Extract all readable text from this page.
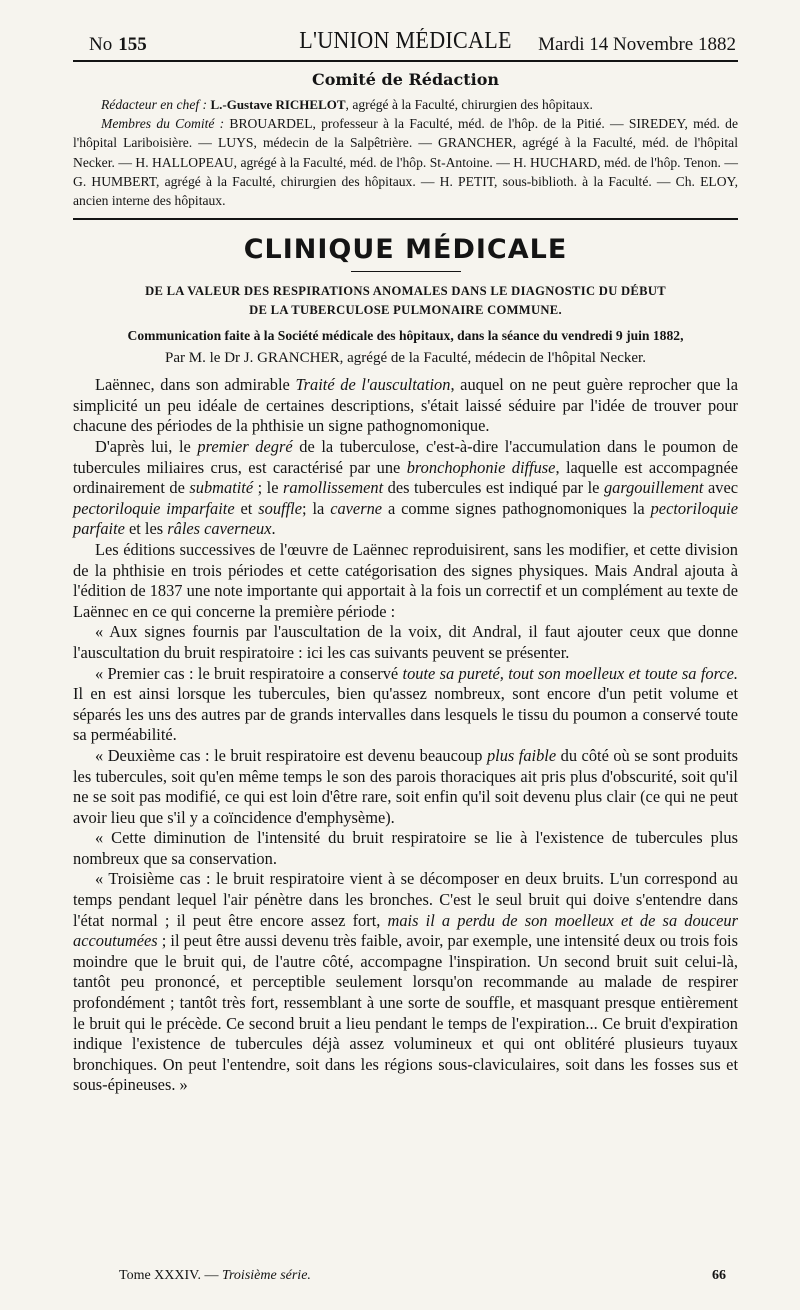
No 155	L'UNION MÉDICALE	Mardi 14 Novembre 1882
Comité de Rédaction

Rédacteur en chef : L.-Gustave RICHELOT, agrégé à la Faculté, chirurgien des hôpitaux.

Membres du Comité : BROUARDEL, professeur à la Faculté, méd. de l'hôp. de la Pitié. — SIREDEY, méd. de l'hôpital Lariboisière. — LUYS, médecin de la Salpêtrière. — GRANCHER, agrégé à la Faculté, méd. de l'hôpital Necker. — H. HALLOPEAU, agrégé à la Faculté, méd. de l'hôp. St-Antoine. — H. HUCHARD, méd. de l'hôp. Tenon. — G. HUMBERT, agrégé à la Faculté, chirurgien des hôpitaux. — H. PETIT, sous-biblioth. à la Faculté. — Ch. ELOY, ancien interne des hôpitaux.

CLINIQUE MÉDICALE

DE LA VALEUR DES RESPIRATIONS ANOMALES DANS LE DIAGNOSTIC DU DÉBUT

DE LA TUBERCULOSE PULMONAIRE COMMUNE.

Communication faite à la Société médicale des hôpitaux, dans la séance du vendredi 9 juin 1882,

Par M. le Dr J. GRANCHER, agrégé de la Faculté, médecin de l'hôpital Necker.

Laënnec, dans son admirable Traité de l'auscultation, auquel on ne peut guère reprocher que la simplicité un peu idéale de certaines descriptions, s'était laissé séduire par l'idée de trouver pour chacune des périodes de la phthisie un signe pathognomonique.

D'après lui, le premier degré de la tuberculose, c'est-à-dire l'accumulation dans le poumon de tubercules miliaires crus, est caractérisé par une bronchophonie diffuse, laquelle est accompagnée ordinairement de submatité ; le ramollissement des tubercules est indiqué par le gargouillement avec pectoriloquie imparfaite et souffle; la caverne a comme signes pathognomoniques la pectoriloquie parfaite et les râles caverneux.

Les éditions successives de l'œuvre de Laënnec reproduisirent, sans les modifier, et cette division de la phthisie en trois périodes et cette catégorisation des signes physiques. Mais Andral ajouta à l'édition de 1837 une note importante qui apportait à la fois un correctif et un complément au texte de Laënnec en ce qui concerne la première période :

« Aux signes fournis par l'auscultation de la voix, dit Andral, il faut ajouter ceux que donne l'auscultation du bruit respiratoire : ici les cas suivants peuvent se présenter.

« Premier cas : le bruit respiratoire a conservé toute sa pureté, tout son moelleux et toute sa force. Il en est ainsi lorsque les tubercules, bien qu'assez nombreux, sont encore d'un petit volume et séparés les uns des autres par de grands intervalles dans lesquels le tissu du poumon a conservé toute sa perméabilité.

« Deuxième cas : le bruit respiratoire est devenu beaucoup plus faible du côté où se sont produits les tubercules, soit qu'en même temps le son des parois thoraciques ait pris plus d'obscurité, soit qu'il ne se soit pas modifié, ce qui est loin d'être rare, soit enfin qu'il soit devenu plus clair (ce qui ne peut avoir lieu que s'il y a coïncidence d'emphysème).

« Cette diminution de l'intensité du bruit respiratoire se lie à l'existence de tubercules plus nombreux que sa conservation.

« Troisième cas : le bruit respiratoire vient à se décomposer en deux bruits. L'un correspond au temps pendant lequel l'air pénètre dans les bronches. C'est le seul bruit qui doive s'entendre dans l'état normal ; il peut être encore assez fort, mais il a perdu de son moelleux et de sa douceur accoutumées ; il peut être aussi devenu très faible, avoir, par exemple, une intensité deux ou trois fois moindre que le bruit qui, de l'autre côté, accompagne l'inspiration. Un second bruit suit celui-là, tantôt peu prononcé, et perceptible seulement lorsqu'on recommande au malade de respirer profondément ; tantôt très fort, ressemblant à une sorte de souffle, et masquant presque entièrement le bruit qui le précède. Ce second bruit a lieu pendant le temps de l'expiration... Ce bruit d'expiration indique l'existence de tubercules déjà assez volumineux et qui ont oblitéré plusieurs tuyaux bronchiques. On peut l'entendre, soit dans les régions sous-claviculaires, soit dans les fosses sus et sous-épineuses. »

Tome XXXIV. — Troisième série.	66
